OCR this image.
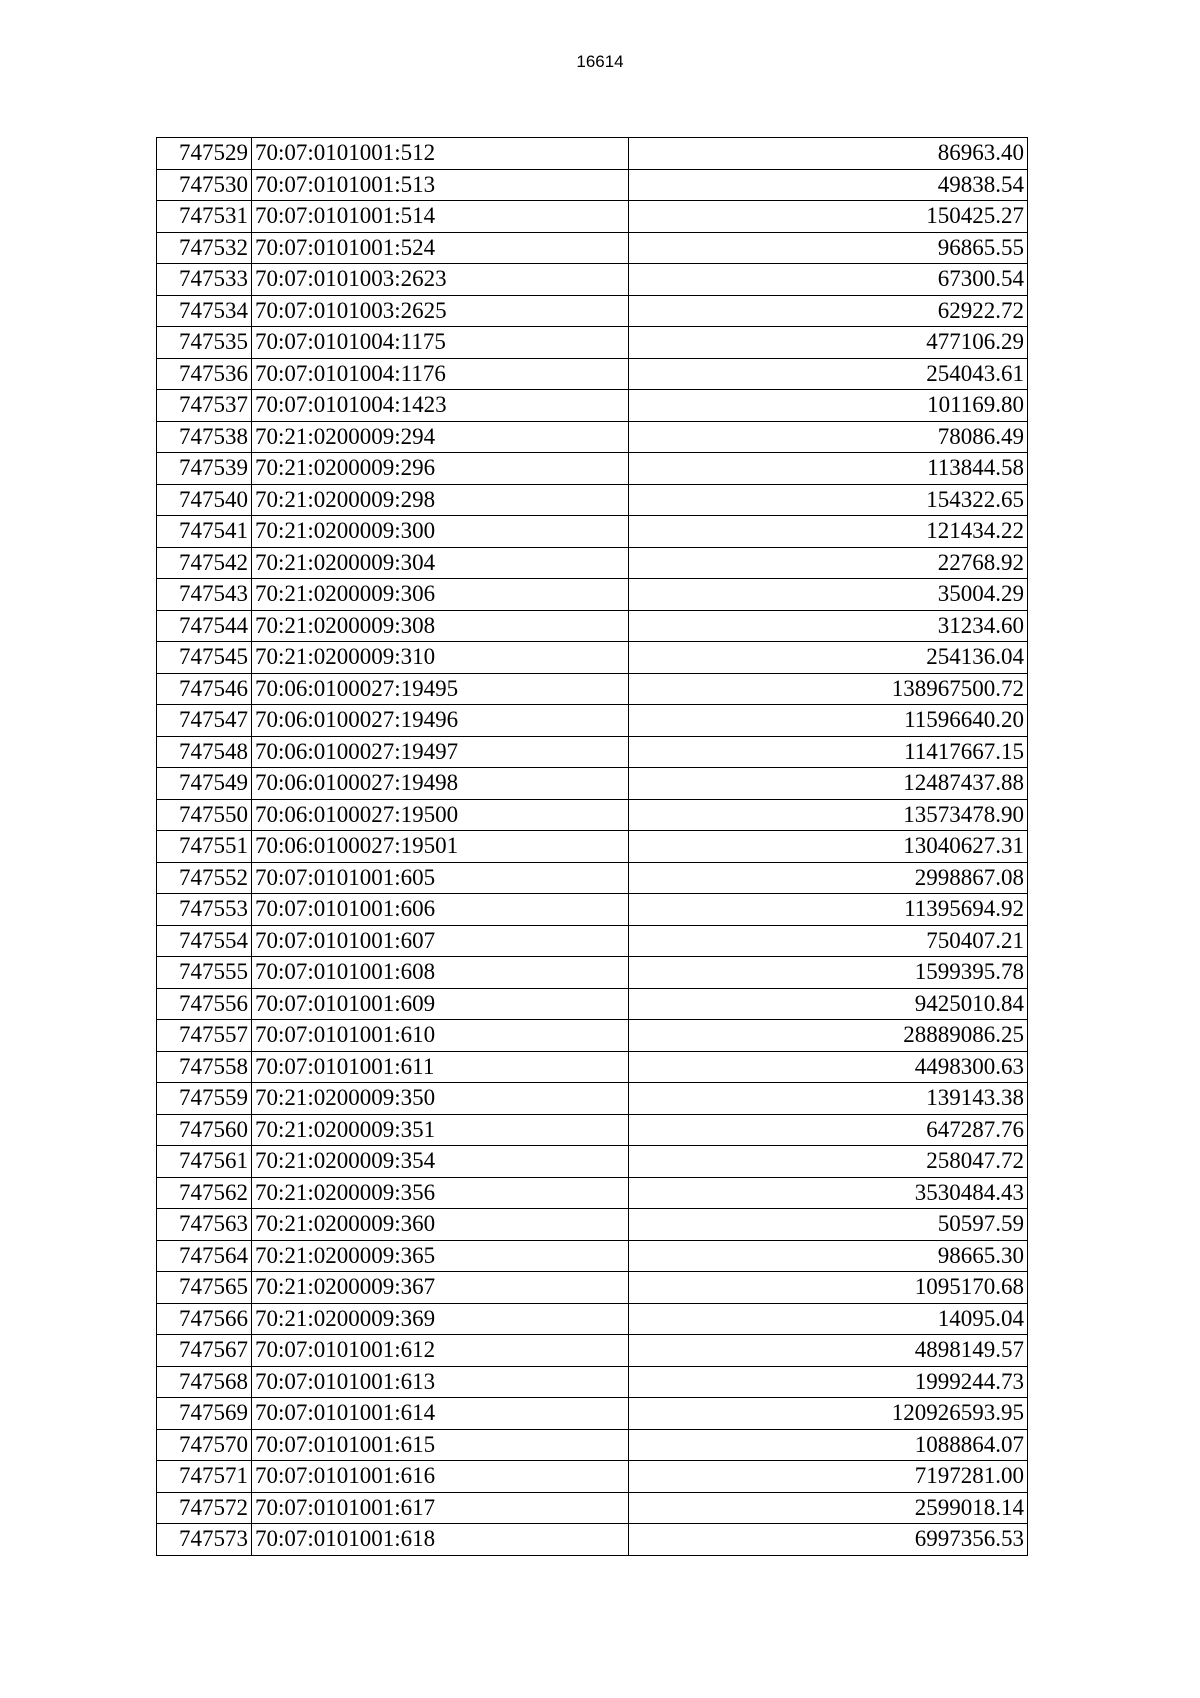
16614
747529	70:07:0101001:512	86963.40
747530	70:07:0101001:513	49838.54
747531	70:07:0101001:514	150425.27
747532	70:07:0101001:524	96865.55
747533	70:07:0101003:2623	67300.54
747534	70:07:0101003:2625	62922.72
747535	70:07:0101004:1175	477106.29
747536	70:07:0101004:1176	254043.61
747537	70:07:0101004:1423	101169.80
747538	70:21:0200009:294	78086.49
747539	70:21:0200009:296	113844.58
747540	70:21:0200009:298	154322.65
747541	70:21:0200009:300	121434.22
747542	70:21:0200009:304	22768.92
747543	70:21:0200009:306	35004.29
747544	70:21:0200009:308	31234.60
747545	70:21:0200009:310	254136.04
747546	70:06:0100027:19495	138967500.72
747547	70:06:0100027:19496	11596640.20
747548	70:06:0100027:19497	11417667.15
747549	70:06:0100027:19498	12487437.88
747550	70:06:0100027:19500	13573478.90
747551	70:06:0100027:19501	13040627.31
747552	70:07:0101001:605	2998867.08
747553	70:07:0101001:606	11395694.92
747554	70:07:0101001:607	750407.21
747555	70:07:0101001:608	1599395.78
747556	70:07:0101001:609	9425010.84
747557	70:07:0101001:610	28889086.25
747558	70:07:0101001:611	4498300.63
747559	70:21:0200009:350	139143.38
747560	70:21:0200009:351	647287.76
747561	70:21:0200009:354	258047.72
747562	70:21:0200009:356	3530484.43
747563	70:21:0200009:360	50597.59
747564	70:21:0200009:365	98665.30
747565	70:21:0200009:367	1095170.68
747566	70:21:0200009:369	14095.04
747567	70:07:0101001:612	4898149.57
747568	70:07:0101001:613	1999244.73
747569	70:07:0101001:614	120926593.95
747570	70:07:0101001:615	1088864.07
747571	70:07:0101001:616	7197281.00
747572	70:07:0101001:617	2599018.14
747573	70:07:0101001:618	6997356.53
